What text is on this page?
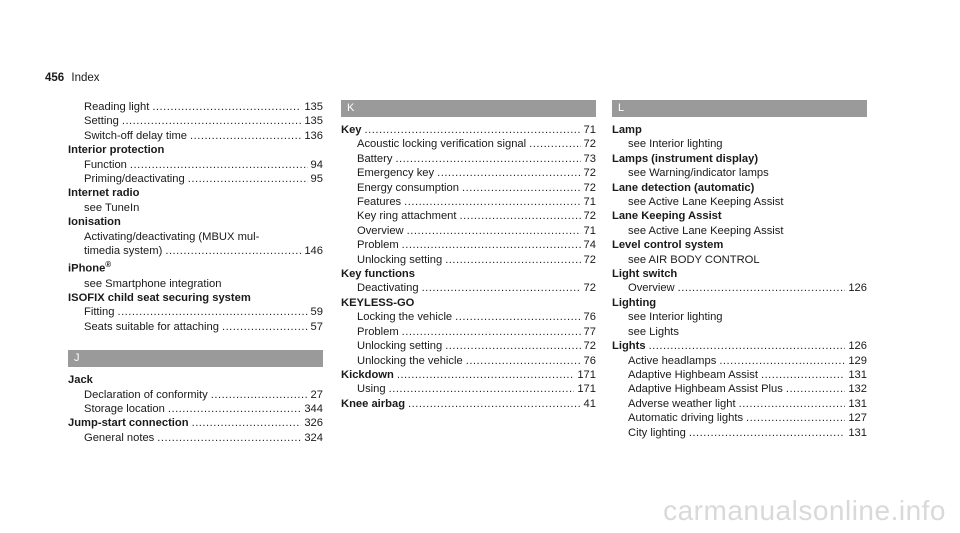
456 Index
Reading light .....	135
Setting .....	135
Switch-off delay time .....	136
Interior protection
Function .....	94
Priming/deactivating .....	95
Internet radio
see TuneIn
Ionisation
Activating/deactivating (MBUX mul-
timedia system) .....	146
iPhone®
see Smartphone integration
ISOFIX child seat securing system
Fitting .....	59
Seats suitable for attaching .....	57
J
Jack
Declaration of conformity .....	27
Storage location .....	344
Jump-start connection .....	326
General notes .....	324
K
Key .....	71
Acoustic locking verification signal .....	72
Battery .....	73
Emergency key .....	72
Energy consumption .....	72
Features .....	71
Key ring attachment .....	72
Overview .....	71
Problem .....	74
Unlocking setting .....	72
Key functions
Deactivating .....	72
KEYLESS-GO
Locking the vehicle .....	76
Problem .....	77
Unlocking setting .....	72
Unlocking the vehicle .....	76
Kickdown .....	171
Using .....	171
Knee airbag .....	41
L
Lamp
see Interior lighting
Lamps (instrument display)
see Warning/indicator lamps
Lane detection (automatic)
see Active Lane Keeping Assist
Lane Keeping Assist
see Active Lane Keeping Assist
Level control system
see AIR BODY CONTROL
Light switch
Overview .....	126
Lighting
see Interior lighting
see Lights
Lights .....	126
Active headlamps .....	129
Adaptive Highbeam Assist .....	131
Adaptive Highbeam Assist Plus .....	132
Adverse weather light .....	131
Automatic driving lights .....	127
City lighting .....	131
carmanualsonline.info
